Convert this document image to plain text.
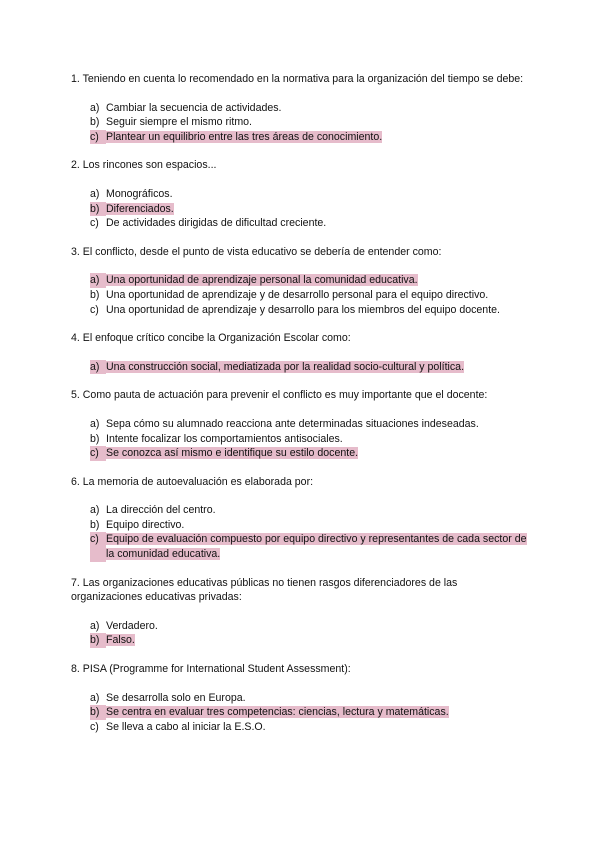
1. Teniendo en cuenta lo recomendado en la normativa para la organización del tiempo se debe:

a) Cambiar la secuencia de actividades.
b) Seguir siempre el mismo ritmo.
c) Plantear un equilibrio entre las tres áreas de conocimiento.

2. Los rincones son espacios...

a) Monográficos.
b) Diferenciados.
c) De actividades dirigidas de dificultad creciente.

3. El conflicto, desde el punto de vista educativo se debería de entender como:

a) Una oportunidad de aprendizaje personal la comunidad educativa.
b) Una oportunidad de aprendizaje y de desarrollo personal para el equipo directivo.
c) Una oportunidad de aprendizaje y desarrollo para los miembros del equipo docente.

4. El enfoque crítico concibe la Organización Escolar como:

a) Una construcción social, mediatizada por la realidad socio-cultural y política.

5. Como pauta de actuación para prevenir el conflicto es muy importante que el docente:

a) Sepa cómo su alumnado reacciona ante determinadas situaciones indeseadas.
b) Intente focalizar los comportamientos antisociales.
c) Se conozca así mismo e identifique su estilo docente.

6. La memoria de autoevaluación es elaborada por:

a) La dirección del centro.
b) Equipo directivo.
c) Equipo de evaluación compuesto por equipo directivo y representantes de cada sector de la comunidad educativa.

7. Las organizaciones educativas públicas no tienen rasgos diferenciadores de las organizaciones educativas privadas:

a) Verdadero.
b) Falso.

8. PISA (Programme for International Student Assessment):

a) Se desarrolla solo en Europa.
b) Se centra en evaluar tres competencias: ciencias, lectura y matemáticas.
c) Se lleva a cabo al iniciar la E.S.O.
